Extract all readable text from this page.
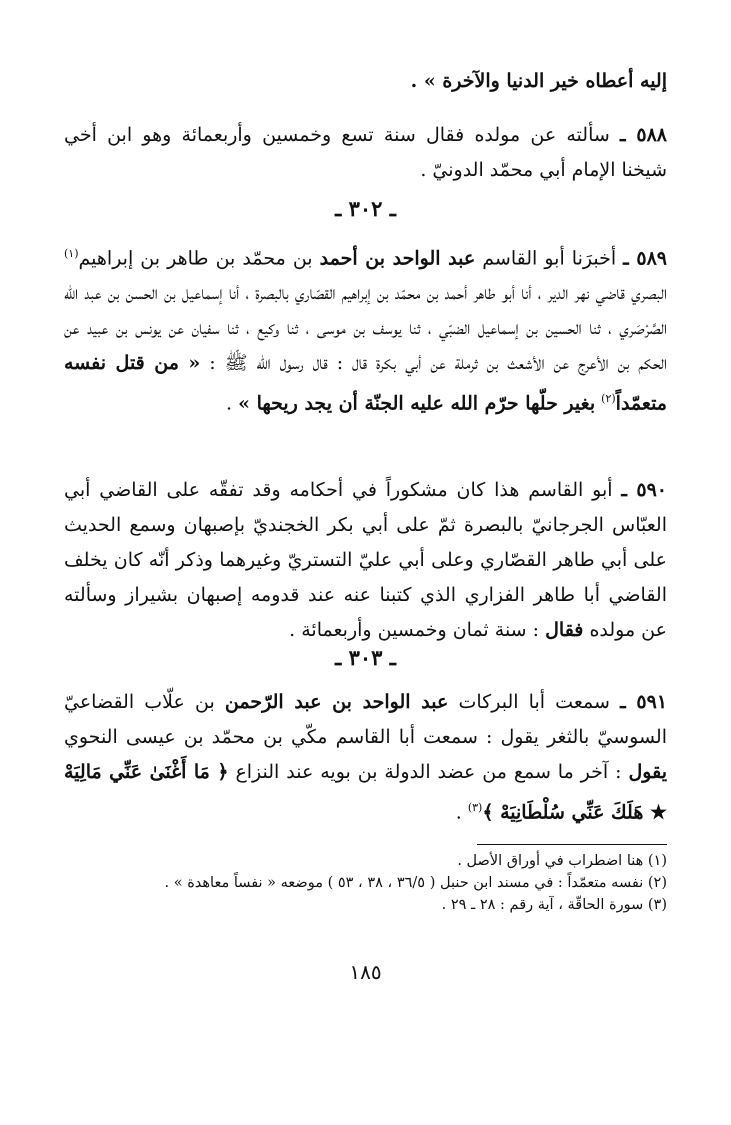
إليه أعطاه خير الدنيا والآخرة » .
٥٨٨ ـ سألته عن مولده فقال سنة تسع وخمسين وأربعمائة وهو ابن أخي شيخنا الإمام أبي محمّد الدونيّ .
ـ ٣٠٢ ـ
٥٨٩ ـ أخبرَنا أبو القاسم عبد الواحد بن أحمد بن محمّد بن طاهر بن إبراهيم$^{(١)}$ البصري قاضي نهر الدير ، أنا أبو طاهر أحمد بن محمّد بن إبراهيم القصّاري بالبصرة ، أنا إسماعيل بن الحسن بن عبد الله الصَّرْصَري ، ثنا الحسين بن إسماعيل الضبّي ، ثنا يوسف بن موسى ، ثنا وكيع ، ثنا سفيان عن يونس بن عبيد عن الحكم بن الأعرج عن الأشعث بن ثرملة عن أبي بكرة قال : قال رسول الله ﷺ : « من قتل نفسه متعمّداً$^{(٢)}$ بغير حلّها حرّم الله عليه الجنّة أن يجد ريحها » .
٥٩٠ ـ أبو القاسم هذا كان مشكوراً في أحكامه وقد تفقّه على القاضي أبي العبّاس الجرجانيّ بالبصرة ثمّ على أبي بكر الخجنديّ بإصبهان وسمع الحديث على أبي طاهر القصّاري وعلى أبي عليّ التستريّ وغيرهما وذكر أنّه كان يخلف القاضي أبا طاهر الفزاري الذي كتبنا عنه عند قدومه إصبهان بشيراز وسألته عن مولده فقال : سنة ثمان وخمسين وأربعمائة .
ـ ٣٠٣ ـ
٥٩١ ـ سمعت أبا البركات عبد الواحد بن عبد الرّحمن بن علّاب القضاعيّ السوسيّ بالثغر يقول : سمعت أبا القاسم مكّي بن محمّد بن عيسى النحوي يقول : آخر ما سمع من عضد الدولة بن بويه عند النزاع ﴿ مَا أَغْنَىٰ عَنِّي مَالِيَهْ ★ هَلَكَ عَنِّي سُلْطَانِيَهْ ﴾$^{(٣)}$ .
(١) هنا اضطراب في أوراق الأصل .
(٢) نفسه متعمّداً : في مسند ابن حنبل ( ٣٦/٥ ، ٣٨ ، ٥٣ ) موضعه « نفساً معاهدة » .
(٣) سورة الحاقّة ، آية رقم : ٢٨ ـ ٢٩ .
١٨٥
